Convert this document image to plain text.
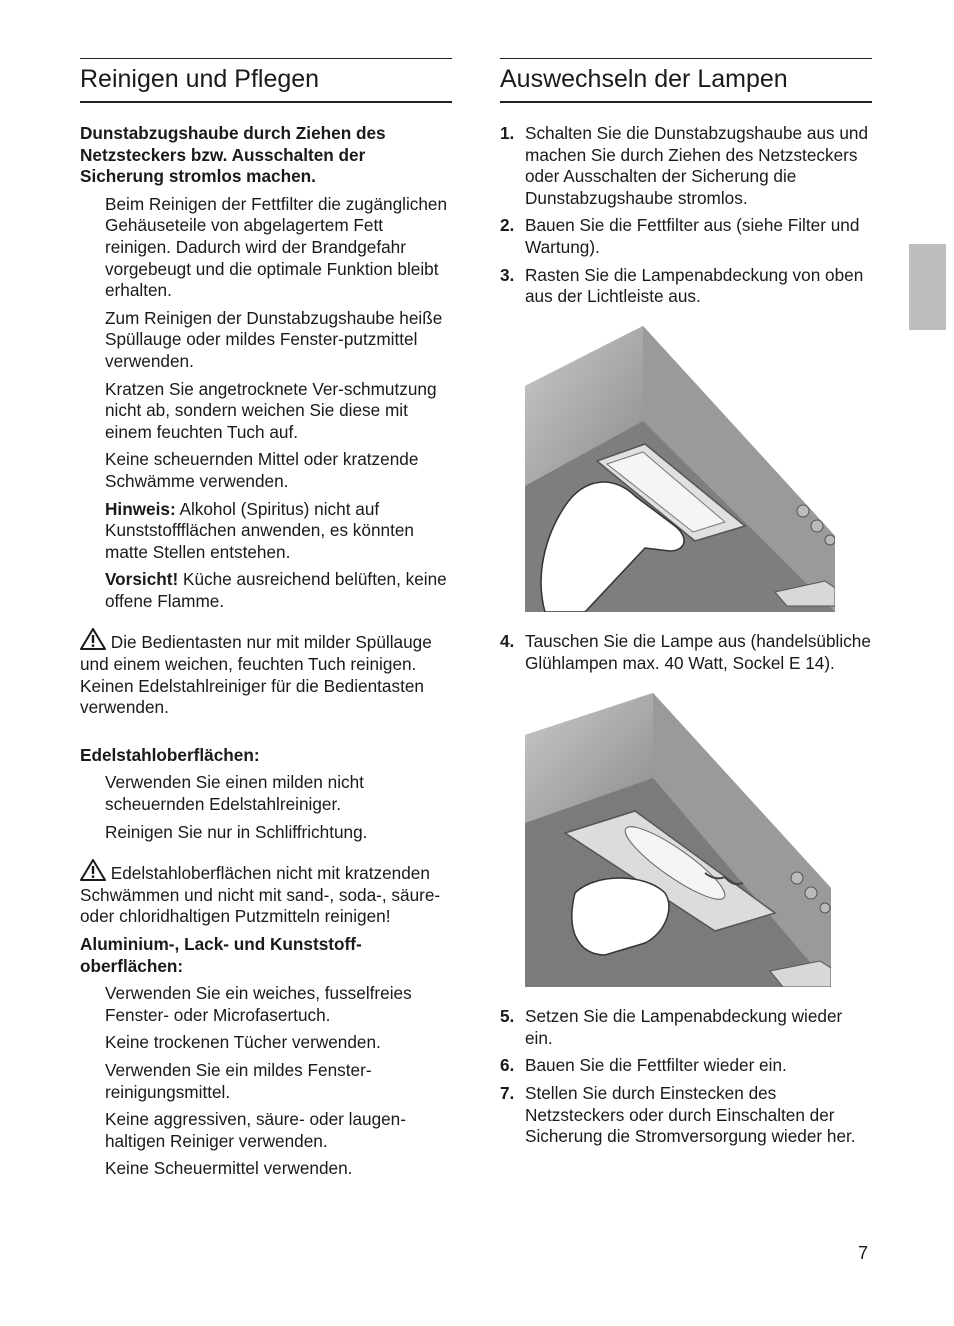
Reinigen und Pflegen

Dunstabzugshaube durch Ziehen des Netzsteckers bzw. Ausschalten der Sicherung stromlos machen.

Beim Reinigen der Fettfilter die zugänglichen Gehäuseteile von abgelagertem Fett reinigen. Dadurch wird der Brandgefahr vorgebeugt und die optimale Funktion bleibt erhalten.

Zum Reinigen der Dunstabzugshaube heiße Spüllauge oder mildes Fenster-putzmittel verwenden.

Kratzen Sie angetrocknete Ver-schmutzung nicht ab, sondern weichen Sie diese mit einem feuchten Tuch auf.

Keine scheuernden Mittel oder kratzende Schwämme verwenden.

Hinweis: Alkohol (Spiritus) nicht auf Kunststoffflächen anwenden, es könnten matte Stellen entstehen.

Vorsicht! Küche ausreichend belüften, keine offene Flamme.

Die Bedientasten nur mit milder Spüllauge und einem weichen, feuchten Tuch reinigen.
Keinen Edelstahlreiniger für die Bedientasten verwenden.

Edelstahloberflächen:

Verwenden Sie einen milden nicht scheuernden Edelstahlreiniger.

Reinigen Sie nur in Schliffrichtung.

Edelstahloberflächen nicht mit kratzenden Schwämmen und nicht mit sand-, soda-, säure- oder chloridhaltigen Putzmitteln reinigen!

Aluminium-, Lack- und Kunststoff-oberflächen:

Verwenden Sie ein weiches, fusselfreies Fenster- oder Microfasertuch.

Keine trockenen Tücher verwenden.

Verwenden Sie ein mildes Fenster-reinigungsmittel.

Keine aggressiven, säure- oder laugen-haltigen Reiniger verwenden.

Keine Scheuermittel verwenden.

Auswechseln der Lampen
1. Schalten Sie die Dunstabzugshaube aus und machen Sie durch Ziehen des Netzsteckers oder Ausschalten der Sicherung die Dunstabzugshaube stromlos.
2. Bauen Sie die Fettfilter aus (siehe Filter und Wartung).
3. Rasten Sie die Lampenabdeckung von oben aus der Lichtleiste aus.
4. Tauschen Sie die Lampe aus (handelsübliche Glühlampen max. 40 Watt, Sockel E 14).
5. Setzen Sie die Lampenabdeckung wieder ein.
6. Bauen Sie die Fettfilter wieder ein.
7. Stellen Sie durch Einstecken des Netzsteckers oder durch Einschalten der Sicherung die Stromversorgung wieder her.
7
